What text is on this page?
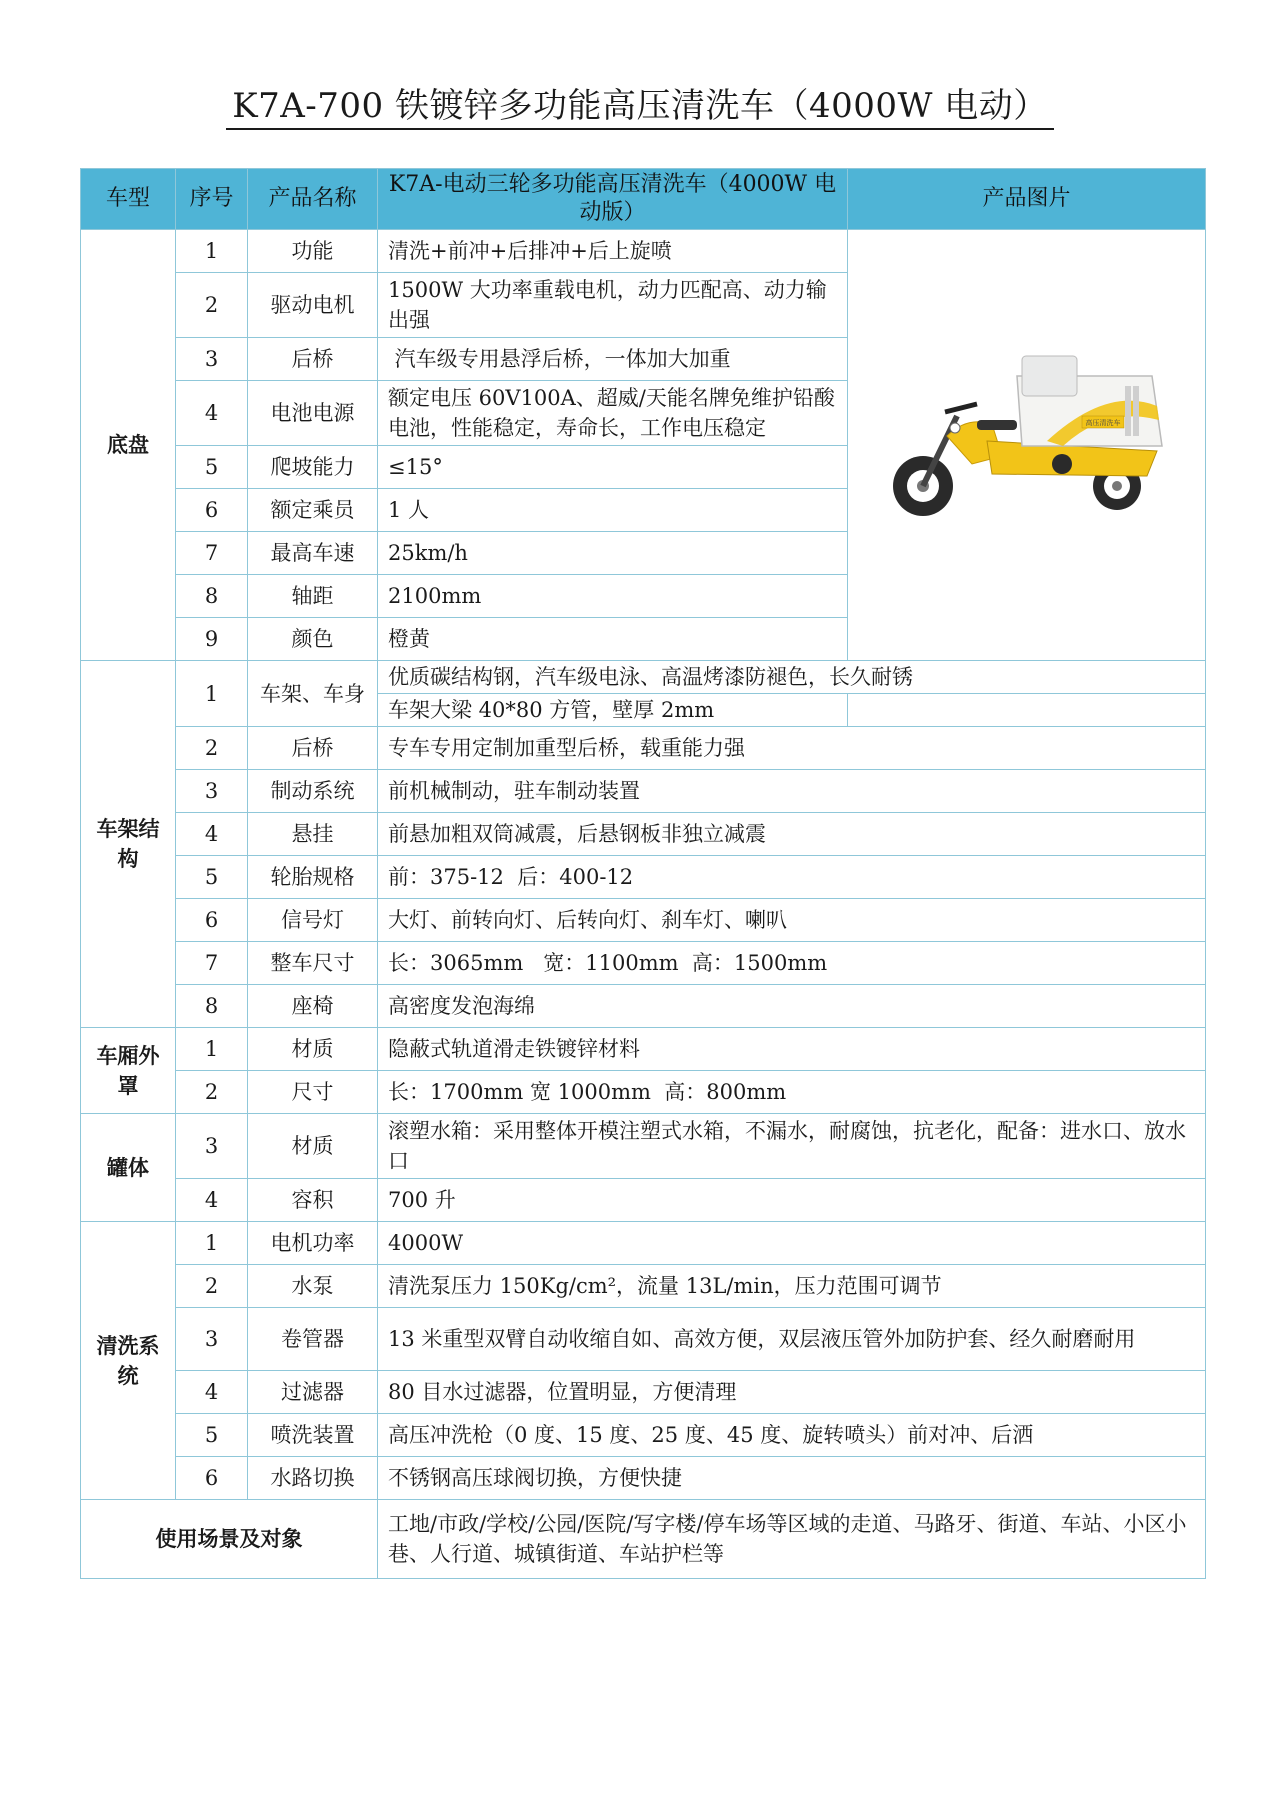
K7A-700 铁镀锌多功能高压清洗车（4000W 电动）
车型	序号	产品名称	K7A-电动三轮多功能高压清洗车（4000W 电动版）	产品图片
底盘	1	功能	清洗+前冲+后排冲+后上旋喷	高压清洗车

	2	驱动电机	1500W 大功率重载电机，动力匹配高、动力输出强	
	3	后桥	汽车级专用悬浮后桥，一体加大加重	
	4	电池电源	额定电压 60V100A、超威/天能名牌免维护铅酸电池，性能稳定，寿命长，工作电压稳定	
	5	爬坡能力	≤15°	
	6	额定乘员	1 人	
	7	最高车速	25km/h	
	8	轴距	2100mm	
	9	颜色	橙黄	
车架结构	1	车架、车身	优质碳结构钢，汽车级电泳、高温烤漆防褪色，长久耐锈	
			车架大梁 40*80 方管，壁厚 2mm	
	2	后桥	专车专用定制加重型后桥，载重能力强	
	3	制动系统	前机械制动，驻车制动装置	
	4	悬挂	前悬加粗双筒减震，后悬钢板非独立减震	
	5	轮胎规格	前：375-12  后：400-12	
	6	信号灯	大灯、前转向灯、后转向灯、刹车灯、喇叭	
	7	整车尺寸	长：3065mm   宽：1100mm  高：1500mm	
	8	座椅	高密度发泡海绵	
车厢外罩	1	材质	隐蔽式轨道滑走铁镀锌材料	
	2	尺寸	长：1700mm 宽 1000mm  高：800mm	
罐体	3	材质	滚塑水箱：采用整体开模注塑式水箱，不漏水，耐腐蚀，抗老化，配备：进水口、放水口	
	4	容积	700 升	
清洗系统	1	电机功率	4000W	
	2	水泵	清洗泵压力 150Kg/cm²，流量 13L/min，压力范围可调节	
	3	卷管器	13 米重型双臂自动收缩自如、高效方便，双层液压管外加防护套、经久耐磨耐用	
	4	过滤器	80 目水过滤器，位置明显，方便清理	
	5	喷洗装置	高压冲洗枪（0 度、15 度、25 度、45 度、旋转喷头）前对冲、后洒	
	6	水路切换	不锈钢高压球阀切换，方便快捷	
使用场景及对象			工地/市政/学校/公园/医院/写字楼/停车场等区域的走道、马路牙、街道、车站、小区小巷、人行道、城镇街道、车站护栏等	
